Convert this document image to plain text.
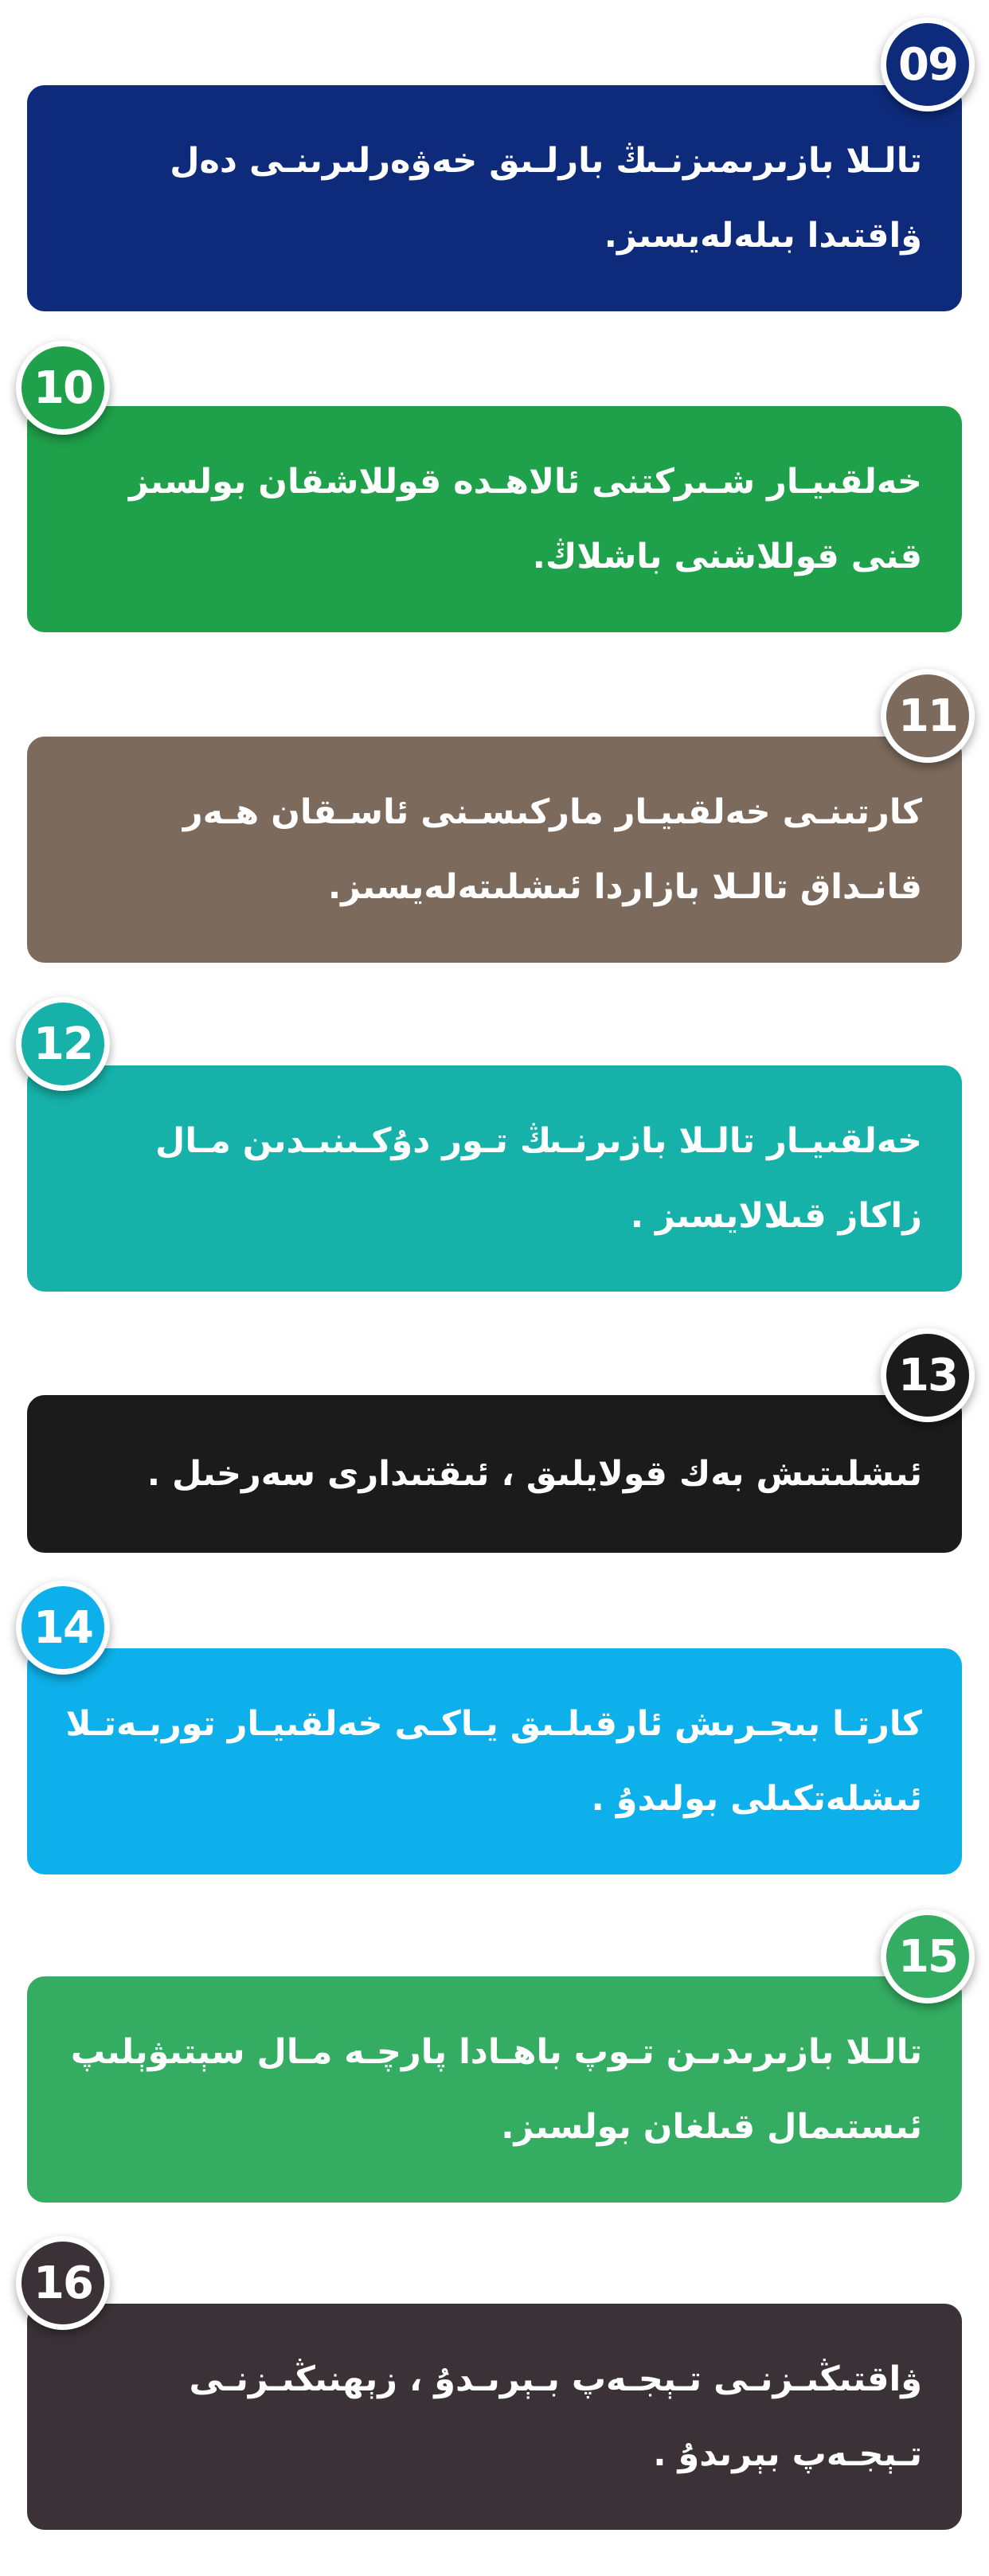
تالـلا بازىرىمىزنـىڭ بارلـىق خەۋەرلىرىنـى دەل ۋاقتىدا بىلەلەيسىز.

09

خەلقىيـار شـىركتنى ئالاھـدە قوللاشقان بولسىز قنى قوللاشنى باشلاڭ.

10

كارتىنـى خەلقىيـار ماركىسـنى ئاسـقان ھـەر قانـداق تالـلا بازاردا ئىشلىتەلەيسىز.

11

خەلقىيـار تالـلا بازىرنـىڭ تـور دۇكـىنىـدىن مـال زاكاز قىلالايسىز .

12

ئىشلىتىش بەك قولايلىق ، ئىقتىدارى سەرخىل .

13

كارتـا بىجـرىش ئارقىلـىق يـاكـى خەلقىيـار توربـەتـلا ئىشلەتكىلى بولىدۇ .

14

تالـلا بازىرىدىـن تـوپ باھـادا پارچـە مـال سېتىۋېلىپ ئىستىمال قىلغان بولسىز.

15

ۋاقتىڭىـزنـى تـېجـەپ بـېرىـدۇ ، زېھنىڭىـزنـى تـېجـەپ بېرىدۇ .

16
